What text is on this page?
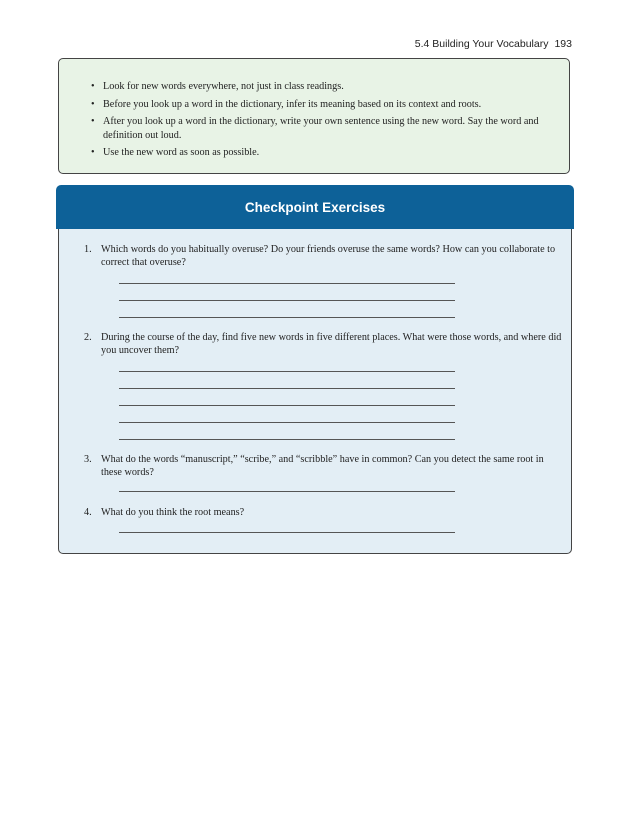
5.4 Building Your Vocabulary 193
• Look for new words everywhere, not just in class readings.
• Before you look up a word in the dictionary, infer its meaning based on its context and roots.
• After you look up a word in the dictionary, write your own sentence using the new word. Say the word and definition out loud.
• Use the new word as soon as possible.
Checkpoint Exercises
1. Which words do you habitually overuse? Do your friends overuse the same words? How can you collaborate to correct that overuse?
2. During the course of the day, find five new words in five different places. What were those words, and where did you uncover them?
3. What do the words “manuscript,” “scribe,” and “scribble” have in common? Can you detect the same root in these words?
4. What do you think the root means?
